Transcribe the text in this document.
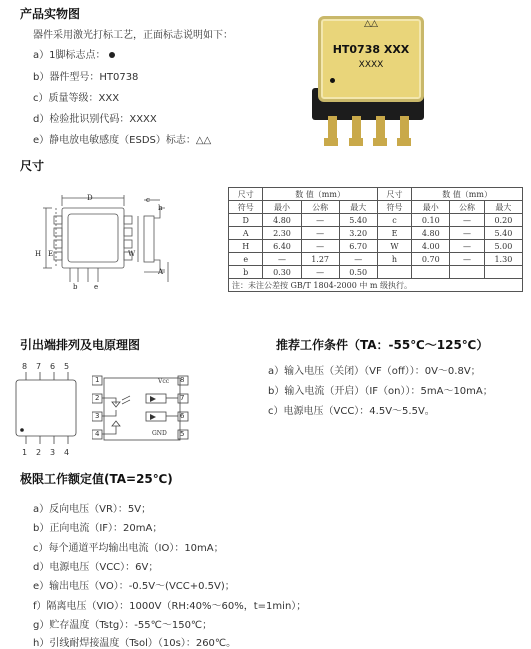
产品实物图
器件采用激光打标工艺，正面标志说明如下：
a）1脚标志点：
b）器件型号：HT0738
c）质量等级：XXX
d）检验批识别代码：XXXX
e）静电放电敏感度（ESDS）标志：△△
△△
HT0738 XXX
XXXX
尺寸
D
H E
b e
W
c
h
A
尺寸	数 值（mm）			尺寸	数 值（mm）		
符号	最小	公称	最大	符号	最小	公称	最大
D	4.80	—	5.40	c	0.10	—	0.20
A	2.30	—	3.20	E	4.80	—	5.40
H	6.40	—	6.70	W	4.00	—	5.00
e	—	1.27	—	h	0.70	—	1.30
b	0.30	—	0.50				
注：未注公差按 GB/T 1804-2000 中 m 级执行。							
引出端排列及电原理图
8 7 6 5
1 2 3 4
1
2
3
4
8
7
6
5
Vcc
GND
推荐工作条件（TA：-55℃～125℃）
a）输入电压（关闭）（VF（off））：0V～0.8V；
b）输入电流（开启）（IF（on））：5mA～10mA；
c）电源电压（VCC）：4.5V～5.5V。
极限工作额定值(TA=25℃)
a）反向电压（VR）：5V；
b）正向电流（IF）：20mA；
c）每个通道平均输出电流（IO）：10mA；
d）电源电压（VCC）：6V；
e）输出电压（VO）：-0.5V～(VCC+0.5V)；
f）隔离电压（VIO）：1000V（RH:40%～60%，t=1min）；
g）贮存温度（Tstg）：-55℃～150℃；
h）引线耐焊接温度（Tsol）（10s）：260℃。
